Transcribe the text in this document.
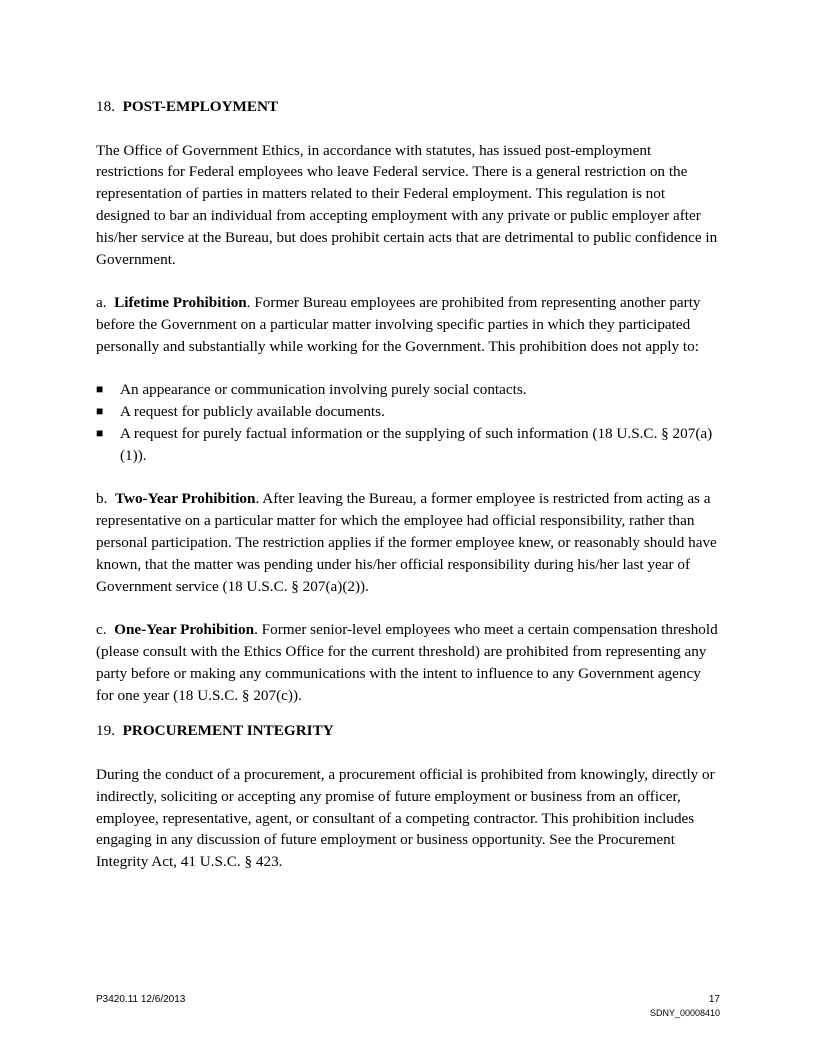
18. POST-EMPLOYMENT

The Office of Government Ethics, in accordance with statutes, has issued post-employment restrictions for Federal employees who leave Federal service. There is a general restriction on the representation of parties in matters related to their Federal employment. This regulation is not designed to bar an individual from accepting employment with any private or public employer after his/her service at the Bureau, but does prohibit certain acts that are detrimental to public confidence in Government.

a. Lifetime Prohibition. Former Bureau employees are prohibited from representing another party before the Government on a particular matter involving specific parties in which they participated personally and substantially while working for the Government. This prohibition does not apply to:

■ An appearance or communication involving purely social contacts.
■ A request for publicly available documents.
■ A request for purely factual information or the supplying of such information (18 U.S.C. § 207(a)(1)).

b. Two-Year Prohibition. After leaving the Bureau, a former employee is restricted from acting as a representative on a particular matter for which the employee had official responsibility, rather than personal participation. The restriction applies if the former employee knew, or reasonably should have known, that the matter was pending under his/her official responsibility during his/her last year of Government service (18 U.S.C. § 207(a)(2)).

c. One-Year Prohibition. Former senior-level employees who meet a certain compensation threshold (please consult with the Ethics Office for the current threshold) are prohibited from representing any party before or making any communications with the intent to influence to any Government agency for one year (18 U.S.C. § 207(c)).

19. PROCUREMENT INTEGRITY

During the conduct of a procurement, a procurement official is prohibited from knowingly, directly or indirectly, soliciting or accepting any promise of future employment or business from an officer, employee, representative, agent, or consultant of a competing contractor. This prohibition includes engaging in any discussion of future employment or business opportunity. See the Procurement Integrity Act, 41 U.S.C. § 423.

P3420.11 12/6/2013	17
SDNY_00008410
